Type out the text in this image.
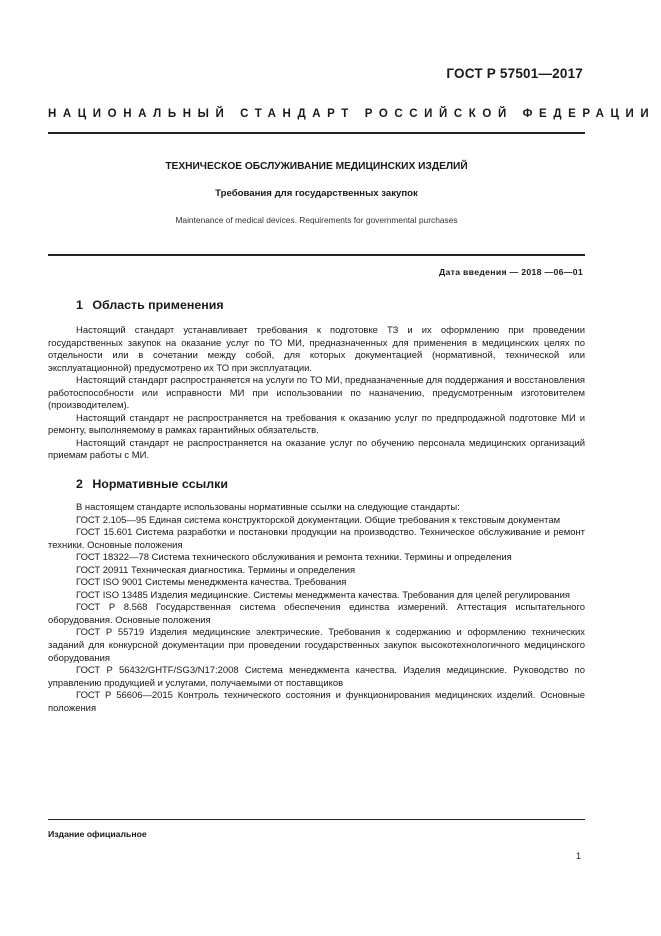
ГОСТ Р 57501—2017
НАЦИОНАЛЬНЫЙ СТАНДАРТ РОССИЙСКОЙ ФЕДЕРАЦИИ
ТЕХНИЧЕСКОЕ ОБСЛУЖИВАНИЕ МЕДИЦИНСКИХ ИЗДЕЛИЙ
Требования для государственных закупок
Maintenance of medical devices. Requirements for governmental purchases
Дата введения — 2018 —06—01
1 Область применения

Настоящий стандарт устанавливает требования к подготовке ТЗ и их оформлению при проведении государственных закупок на оказание услуг по ТО МИ, предназначенных для применения в медицинских целях по отдельности или в сочетании между собой, для которых документацией (нормативной, технической или эксплуатационной) предусмотрено их ТО при эксплуатации.

Настоящий стандарт распространяется на услуги по ТО МИ, предназначенные для поддержания и восстановления работоспособности или исправности МИ при использовании по назначению, предусмотренным изготовителем (производителем).

Настоящий стандарт не распространяется на требования к оказанию услуг по предпродажной подготовке МИ и ремонту, выполняемому в рамках гарантийных обязательств.

Настоящий стандарт не распространяется на оказание услуг по обучению персонала медицинских организаций приемам работы с МИ.

2 Нормативные ссылки

В настоящем стандарте использованы нормативные ссылки на следующие стандарты:

ГОСТ 2.105—95 Единая система конструкторской документации. Общие требования к текстовым документам

ГОСТ 15.601 Система разработки и постановки продукции на производство. Техническое обслуживание и ремонт техники. Основные положения

ГОСТ 18322—78 Система технического обслуживания и ремонта техники. Термины и определения

ГОСТ 20911 Техническая диагностика. Термины и определения

ГОСТ ISO 9001 Системы менеджмента качества. Требования

ГОСТ ISO 13485 Изделия медицинские. Системы менеджмента качества. Требования для целей регулирования

ГОСТ Р 8.568 Государственная система обеспечения единства измерений. Аттестация испытательного оборудования. Основные положения

ГОСТ Р 55719 Изделия медицинские электрические. Требования к содержанию и оформлению технических заданий для конкурсной документации при проведении государственных закупок высокотехнологичного медицинского оборудования

ГОСТ Р 56432/GHTF/SG3/N17:2008 Система менеджмента качества. Изделия медицинские. Руководство по управлению продукцией и услугами, получаемыми от поставщиков

ГОСТ Р 56606—2015 Контроль технического состояния и функционирования медицинских изделий. Основные положения

Издание официальное
1
